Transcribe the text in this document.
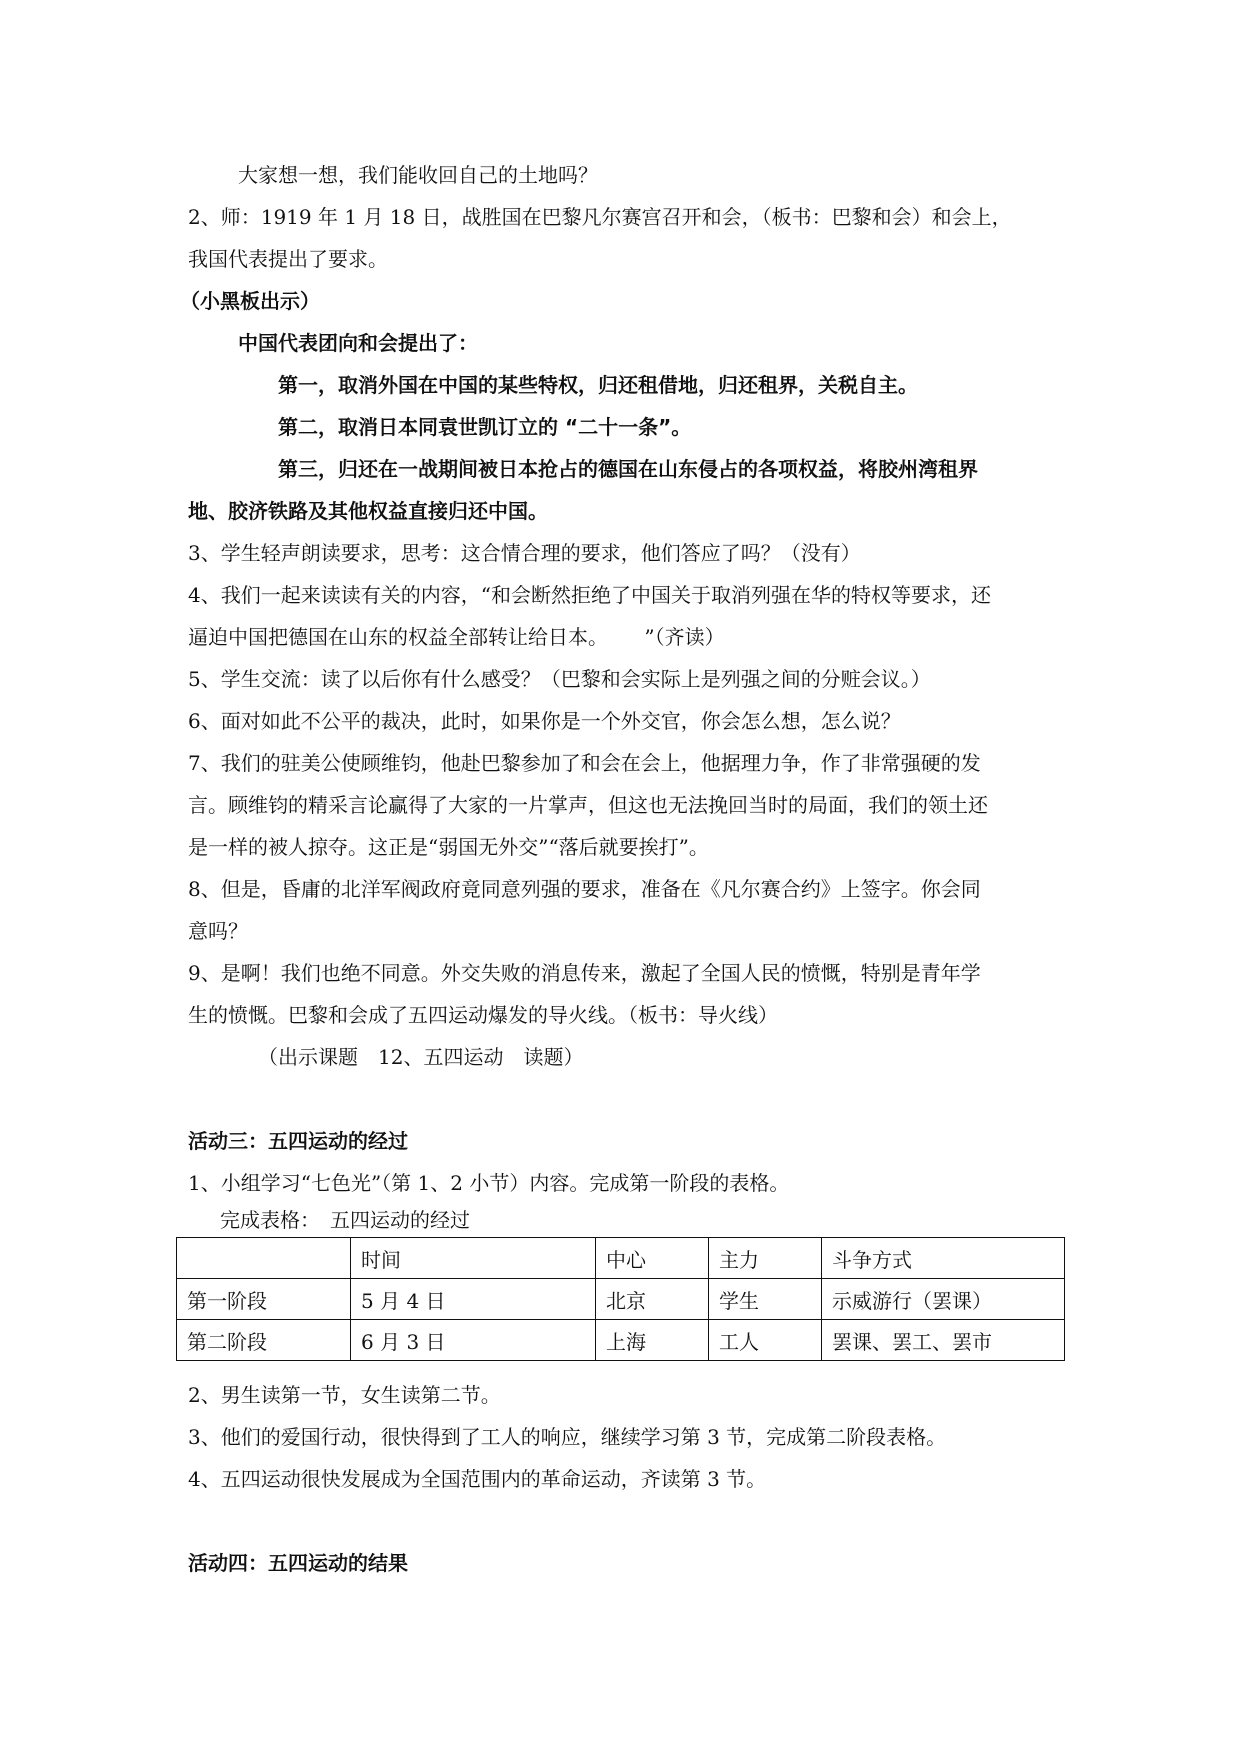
大家想一想，我们能收回自己的土地吗？
2、师：1919 年 1 月 18 日，战胜国在巴黎凡尔赛宫召开和会，（板书：巴黎和会）和会上，
我国代表提出了要求。
（小黑板出示）
中国代表团向和会提出了：
第一，取消外国在中国的某些特权，归还租借地，归还租界，关税自主。
第二，取消日本同袁世凯订立的 “二十一条”。
第三，归还在一战期间被日本抢占的德国在山东侵占的各项权益，将胶州湾租界
地、胶济铁路及其他权益直接归还中国。
3、学生轻声朗读要求，思考：这合情合理的要求，他们答应了吗？（没有）
4、我们一起来读读有关的内容，“和会断然拒绝了中国关于取消列强在华的特权等要求，还
逼迫中国把德国在山东的权益全部转让给日本。　　 ”（齐读）
5、学生交流：读了以后你有什么感受？（巴黎和会实际上是列强之间的分赃会议。）
6、面对如此不公平的裁决，此时，如果你是一个外交官，你会怎么想，怎么说？
7、我们的驻美公使顾维钧，他赴巴黎参加了和会在会上，他据理力争，作了非常强硬的发
言。顾维钧的精采言论赢得了大家的一片掌声，但这也无法挽回当时的局面，我们的领土还
是一样的被人掠夺。这正是“弱国无外交”“落后就要挨打”。
8、但是，昏庸的北洋军阀政府竟同意列强的要求，准备在《凡尔赛合约》上签字。你会同
意吗？
9、是啊！我们也绝不同意。外交失败的消息传来，激起了全国人民的愤慨，特别是青年学
生的愤慨。巴黎和会成了五四运动爆发的导火线。（板书：导火线）
（出示课题　12、五四运动　读题）
活动三：五四运动的经过
1、小组学习“七色光”（第 1、2 小节）内容。完成第一阶段的表格。
完成表格：　五四运动的经过
	时间	中心	主力	斗争方式
第一阶段	5 月 4 日	北京	学生	示威游行（罢课）
第二阶段	6 月 3 日	上海	工人	罢课、罢工、罢市
2、男生读第一节，女生读第二节。
3、他们的爱国行动，很快得到了工人的响应，继续学习第 3 节，完成第二阶段表格。
4、五四运动很快发展成为全国范围内的革命运动，齐读第 3 节。
活动四：五四运动的结果
